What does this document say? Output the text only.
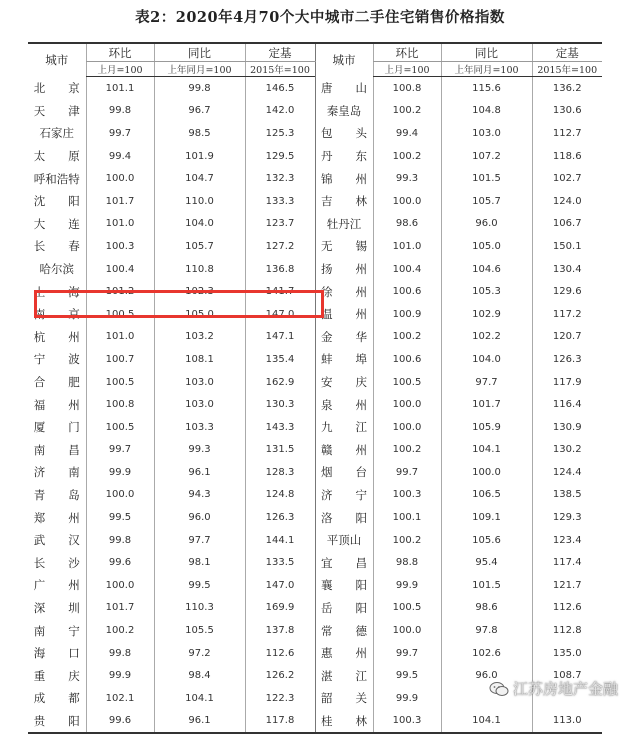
表2：2020年4月70个大中城市二手住宅销售价格指数
城市	环比	同比	定基	城市	环比	同比	定基
	上月=100	上年同月=100	2015年=100		上月=100	上年同月=100	2015年=100
北　　京	101.1	99.8	146.5	唐　　山	100.8	115.6	136.2
天　　津	99.8	96.7	142.0	秦皇岛	100.2	104.8	130.6
石家庄	99.7	98.5	125.3	包　　头	99.4	103.0	112.7
太　　原	99.4	101.9	129.5	丹　　东	100.2	107.2	118.6
呼和浩特	100.0	104.7	132.3	锦　　州	99.3	101.5	102.7
沈　　阳	101.7	110.0	133.3	吉　　林	100.0	105.7	124.0
大　　连	101.0	104.0	123.7	牡丹江	98.6	96.0	106.7
长　　春	100.3	105.7	127.2	无　　锡	101.0	105.0	150.1
哈尔滨	100.4	110.8	136.8	扬　　州	100.4	104.6	130.4
上　　海	101.2	102.3	141.7	徐　　州	100.6	105.3	129.6
南　　京	100.5	105.0	147.0	温　　州	100.9	102.9	117.2
杭　　州	101.0	103.2	147.1	金　　华	100.2	102.2	120.7
宁　　波	100.7	108.1	135.4	蚌　　埠	100.6	104.0	126.3
合　　肥	100.5	103.0	162.9	安　　庆	100.5	97.7	117.9
福　　州	100.8	103.0	130.3	泉　　州	100.0	101.7	116.4
厦　　门	100.5	103.3	143.3	九　　江	100.0	105.9	130.9
南　　昌	99.7	99.3	131.5	赣　　州	100.2	104.1	130.2
济　　南	99.9	96.1	128.3	烟　　台	99.7	100.0	124.4
青　　岛	100.0	94.3	124.8	济　　宁	100.3	106.5	138.5
郑　　州	99.5	96.0	126.3	洛　　阳	100.1	109.1	129.3
武　　汉	99.8	97.7	144.1	平顶山	100.2	105.6	123.4
长　　沙	99.6	98.1	133.5	宜　　昌	98.8	95.4	117.4
广　　州	100.0	99.5	147.0	襄　　阳	99.9	101.5	121.7
深　　圳	101.7	110.3	169.9	岳　　阳	100.5	98.6	112.6
南　　宁	100.2	105.5	137.8	常　　德	100.0	97.8	112.8
海　　口	99.8	97.2	112.6	惠　　州	99.7	102.6	135.0
重　　庆	99.9	98.4	126.2	湛　　江	99.5	96.0	108.7
成　　都	102.1	104.1	122.3	韶　　关	99.9		
贵　　阳	99.6	96.1	117.8	桂　　林	100.3	104.1	113.0
江苏房地产金融
